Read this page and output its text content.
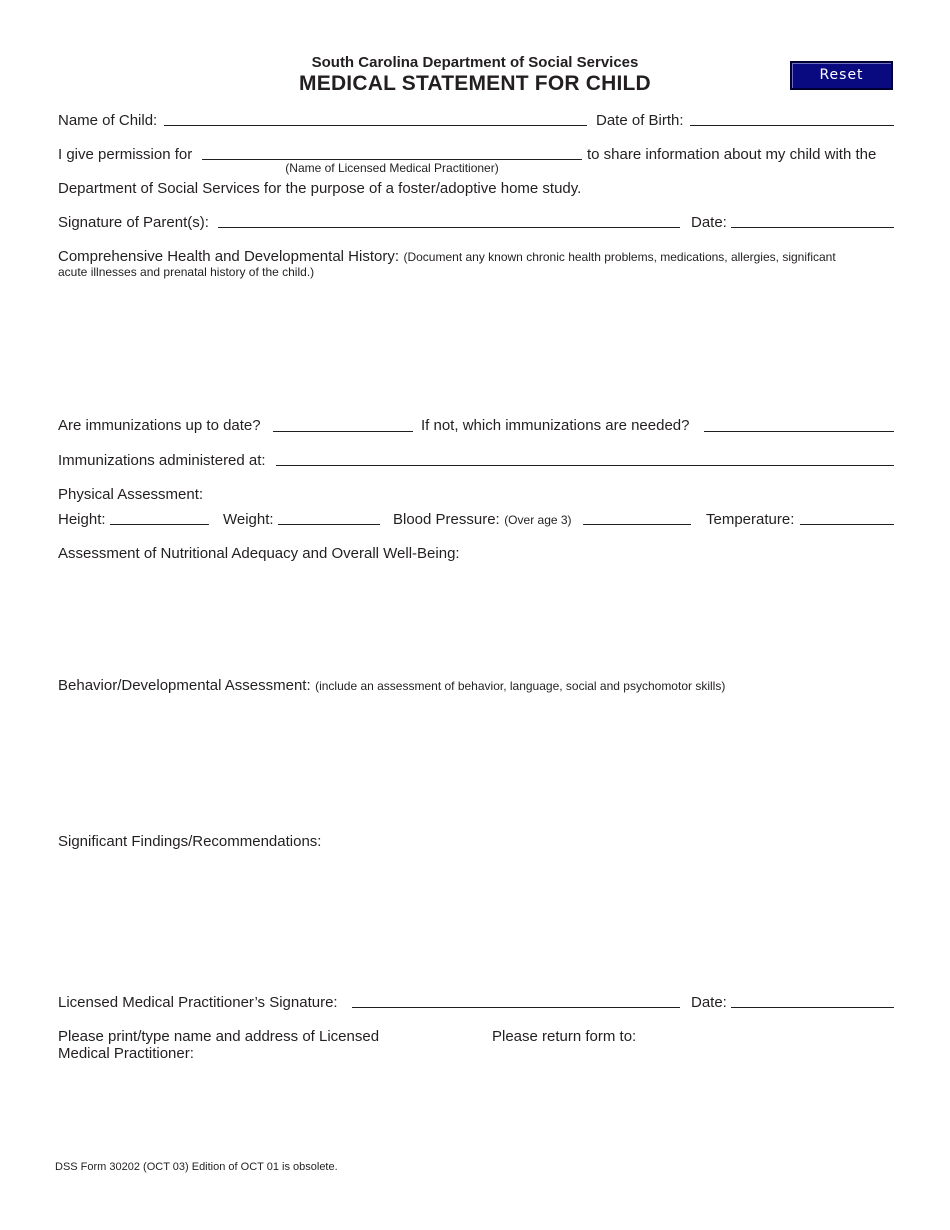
South Carolina Department of Social Services
MEDICAL STATEMENT FOR CHILD	Reset
Name of Child:	Date of Birth:
I give permission for
(Name of Licensed Medical Practitioner)
to share information about my child with the
Department of Social Services for the purpose of a foster/adoptive home study.
Signature of Parent(s):	Date:
Comprehensive Health and Developmental History: (Document any known chronic health problems, medications, allergies, significant
acute illnesses and prenatal history of the child.)
Are immunizations up to date?	If not, which immunizations are needed?
Immunizations administered at:
Physical Assessment:
Height:	Weight:	Blood Pressure: (Over age 3)	Temperature:
Assessment of Nutritional Adequacy and Overall Well-Being:
Behavior/Developmental Assessment: (include an assessment of behavior, language, social and psychomotor skills)
Significant Findings/Recommendations:
Licensed Medical Practitioner’s Signature:	Date:
Please print/type name and address of Licensed
Medical Practitioner:
Please return form to:
DSS Form 30202 (OCT 03) Edition of OCT 01 is obsolete.
